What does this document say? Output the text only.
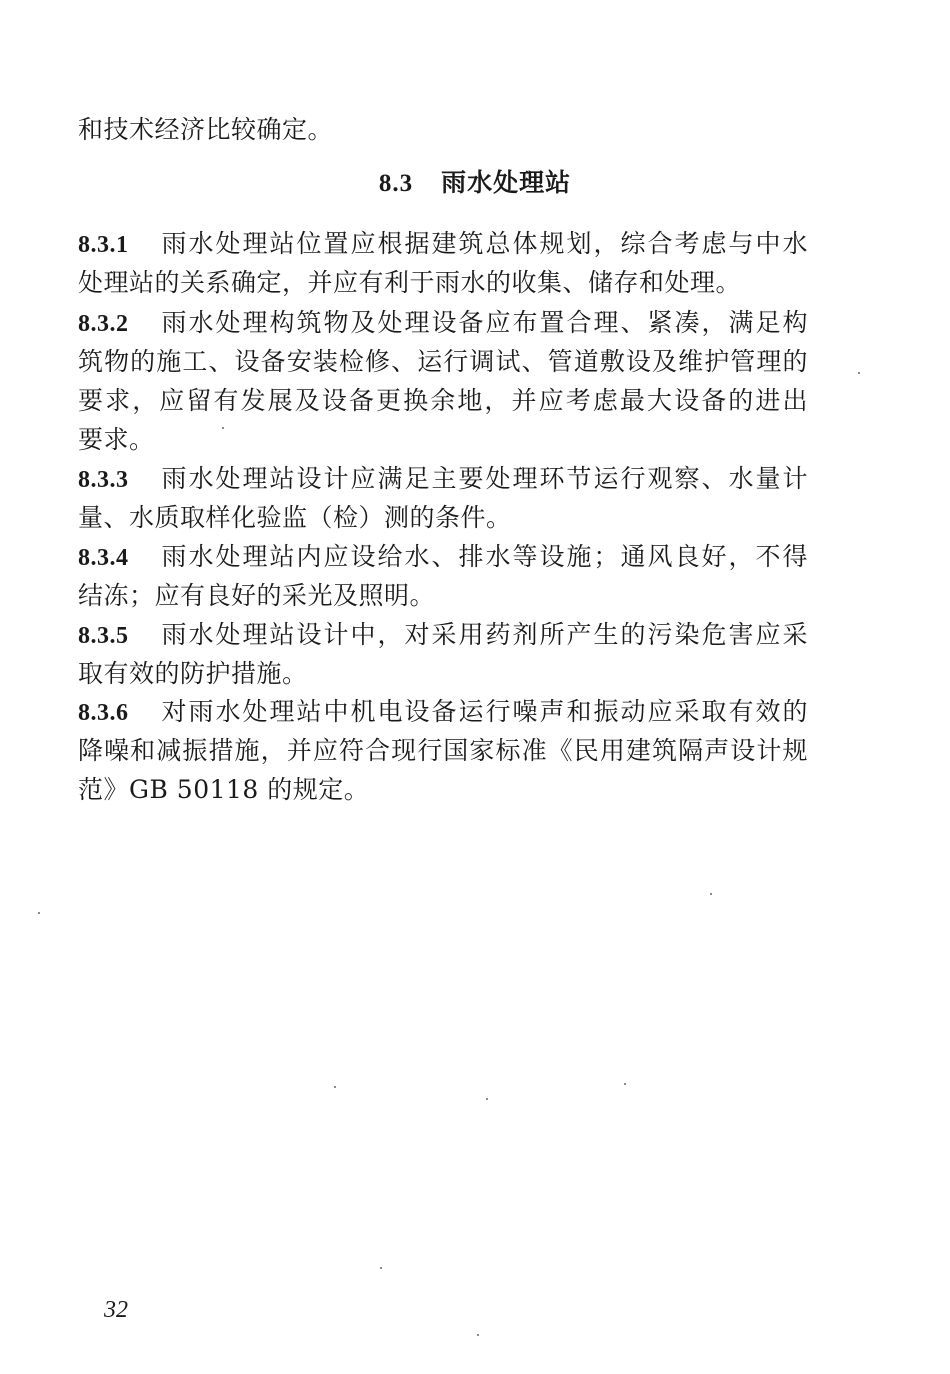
和技术经济比较确定。
8.3 雨水处理站
8.3.1 雨水处理站位置应根据建筑总体规划，综合考虑与中水
处理站的关系确定，并应有利于雨水的收集、储存和处理。
8.3.2 雨水处理构筑物及处理设备应布置合理、紧凑，满足构
筑物的施工、设备安装检修、运行调试、管道敷设及维护管理的
要求，应留有发展及设备更换余地，并应考虑最大设备的进出
要求。
8.3.3 雨水处理站设计应满足主要处理环节运行观察、水量计
量、水质取样化验监（检）测的条件。
8.3.4 雨水处理站内应设给水、排水等设施；通风良好，不得
结冻；应有良好的采光及照明。
8.3.5 雨水处理站设计中，对采用药剂所产生的污染危害应采
取有效的防护措施。
8.3.6 对雨水处理站中机电设备运行噪声和振动应采取有效的
降噪和减振措施，并应符合现行国家标准《民用建筑隔声设计规
范》GB 50118 的规定。
32
